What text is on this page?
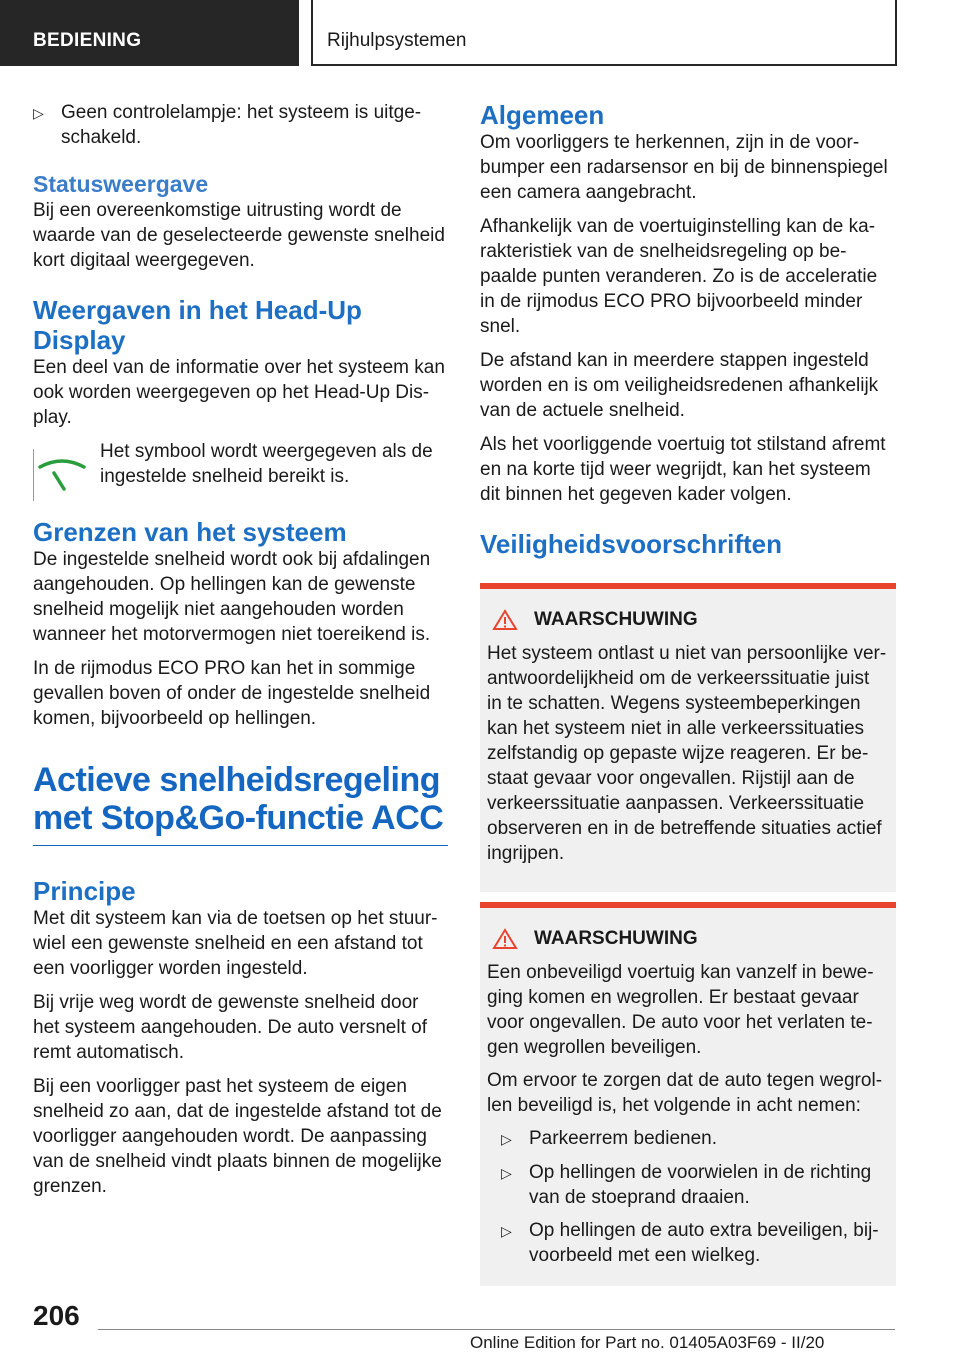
BEDIENING	Rijhulpsystemen
▷ Geen controlelampje: het systeem is uitgeschakeld.
Statusweergave

Bij een overeenkomstige uitrusting wordt de waarde van de geselecteerde gewenste snelheid kort digitaal weergegeven.

Weergaven in het Head-Up Display

Een deel van de informatie over het systeem kan ook worden weergegeven op het Head-Up Display.

Het symbool wordt weergegeven als de ingestelde snelheid bereikt is.

Grenzen van het systeem

De ingestelde snelheid wordt ook bij afdalingen aangehouden. Op hellingen kan de gewenste snelheid mogelijk niet aangehouden worden wanneer het motorvermogen niet toereikend is.

In de rijmodus ECO PRO kan het in sommige gevallen boven of onder de ingestelde snelheid komen, bijvoorbeeld op hellingen.

Actieve snelheidsregeling met Stop&Go-functie ACC
Principe

Met dit systeem kan via de toetsen op het stuurwiel een gewenste snelheid en een afstand tot een voorligger worden ingesteld.

Bij vrije weg wordt de gewenste snelheid door het systeem aangehouden. De auto versnelt of remt automatisch.

Bij een voorligger past het systeem de eigen snelheid zo aan, dat de ingestelde afstand tot de voorligger aangehouden wordt. De aanpassing van de snelheid vindt plaats binnen de mogelijke grenzen.

Algemeen

Om voorliggers te herkennen, zijn in de voorbumper een radarsensor en bij de binnenspiegel een camera aangebracht.

Afhankelijk van de voertuiginstelling kan de karakteristiek van de snelheidsregeling op bepaalde punten veranderen. Zo is de acceleratie in de rijmodus ECO PRO bijvoorbeeld minder snel.

De afstand kan in meerdere stappen ingesteld worden en is om veiligheidsredenen afhankelijk van de actuele snelheid.

Als het voorliggende voertuig tot stilstand afremt en na korte tijd weer wegrijdt, kan het systeem dit binnen het gegeven kader volgen.

Veiligheidsvoorschriften
WAARSCHUWING

Het systeem ontlast u niet van persoonlijke verantwoordelijkheid om de verkeerssituatie juist in te schatten. Wegens systeembeperkingen kan het systeem niet in alle verkeerssituaties zelfstandig op gepaste wijze reageren. Er bestaat gevaar voor ongevallen. Rijstijl aan de verkeerssituatie aanpassen. Verkeerssituatie observeren en in de betreffende situaties actief ingrijpen.

WAARSCHUWING

Een onbeveiligd voertuig kan vanzelf in beweging komen en wegrollen. Er bestaat gevaar voor ongevallen. De auto voor het verlaten tegen wegrollen beveiligen.

Om ervoor te zorgen dat de auto tegen wegrollen beveiligd is, het volgende in acht nemen:

▷ Parkeerrem bedienen.
▷ Op hellingen de voorwielen in de richting van de stoeprand draaien.
▷ Op hellingen de auto extra beveiligen, bijvoorbeeld met een wielkeg.
206
Online Edition for Part no. 01405A03F69 - II/20
